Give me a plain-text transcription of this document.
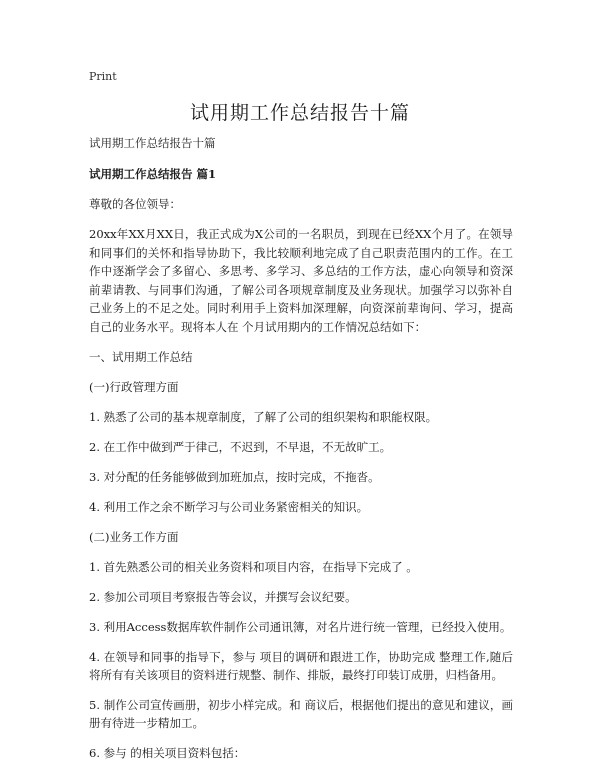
Print
试用期工作总结报告十篇

试用期工作总结报告十篇

试用期工作总结报告 篇1

尊敬的各位领导：

20xx年XX月XX日，我正式成为X公司的一名职员，到现在已经XX个月了。在领导和同事们的关怀和指导协助下，我比较顺利地完成了自己职责范围内的工作。在工作中逐渐学会了多留心、多思考、多学习、多总结的工作方法，虚心向领导和资深前辈请教、与同事们沟通，了解公司各项规章制度及业务现状。加强学习以弥补自己业务上的不足之处。同时利用手上资料加深理解，向资深前辈询问、学习，提高自己的业务水平。现将本人在 个月试用期内的工作情况总结如下：

一、试用期工作总结

(一)行政管理方面

1. 熟悉了公司的基本规章制度，了解了公司的组织架构和职能权限。

2. 在工作中做到严于律己，不迟到，不早退，不无故旷工。

3. 对分配的任务能够做到加班加点，按时完成，不拖沓。

4. 利用工作之余不断学习与公司业务紧密相关的知识。

(二)业务工作方面

1. 首先熟悉公司的相关业务资料和项目内容，在指导下完成了 。

2. 参加公司项目考察报告等会议，并撰写会议纪要。

3. 利用Access数据库软件制作公司通讯簿，对名片进行统一管理，已经投入使用。

4. 在领导和同事的指导下，参与 项目的调研和跟进工作，协助完成 整理工作,随后将所有有关该项目的资料进行规整、制作、排版，最终打印装订成册，归档备用。

5. 制作公司宣传画册，初步小样完成。和 商议后，根据他们提出的意见和建议，画册有待进一步精加工。

6. 参与 的相关项目资料包括：
